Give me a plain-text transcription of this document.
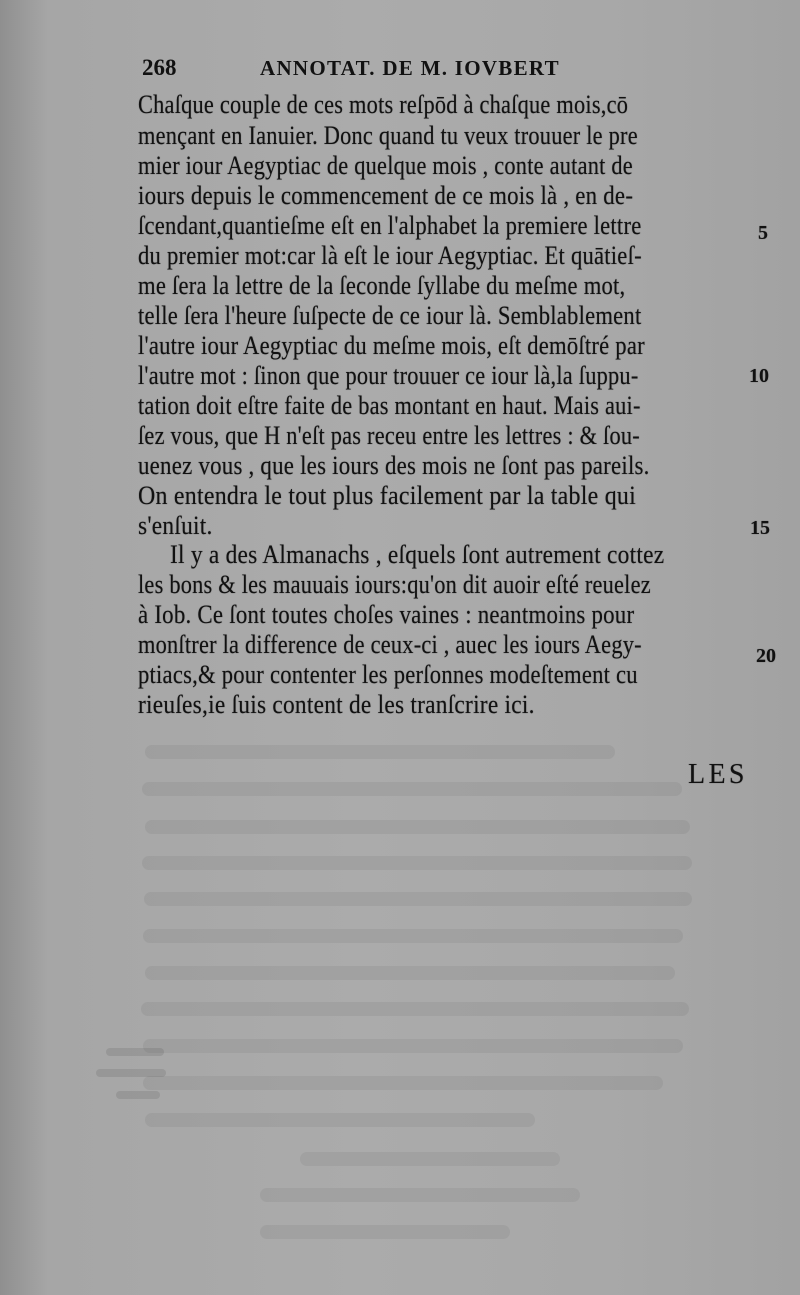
268	ANNOTAT. DE M. IOVBERT
Chaſque couple de ces mots reſpōd à chaſque mois,cō
mençant en Ianuier. Donc quand tu veux trouuer le pre
mier iour Aegyptiac de quelque mois , conte autant de
iours depuis le commencement de ce mois là , en de-
ſcendant,quantieſme eſt en l'alphabet la premiere lettre
du premier mot:car là eſt le iour Aegyptiac. Et quātieſ-
me ſera la lettre de la ſeconde ſyllabe du meſme mot,
telle ſera l'heure ſuſpecte de ce iour là. Semblablement
l'autre iour Aegyptiac du meſme mois, eſt demōſtré par
l'autre mot : ſinon que pour trouuer ce iour là,la ſuppu-
tation doit eſtre faite de bas montant en haut. Mais aui-
ſez vous, que H n'eſt pas receu entre les lettres : & ſou-
uenez vous , que les iours des mois ne ſont pas pareils.
On entendra le tout plus facilement par la table qui
s'enſuit.
Il y a des Almanachs , eſquels ſont autrement cottez
les bons & les mauuais iours:qu'on dit auoir eſté reuelez
à Iob. Ce ſont toutes choſes vaines : neantmoins pour
monſtrer la difference de ceux-ci , auec les iours Aegy-
ptiacs,& pour contenter les perſonnes modeſtement cu
rieuſes,ie ſuis content de les tranſcrire ici.
5
10
15
20
LES
